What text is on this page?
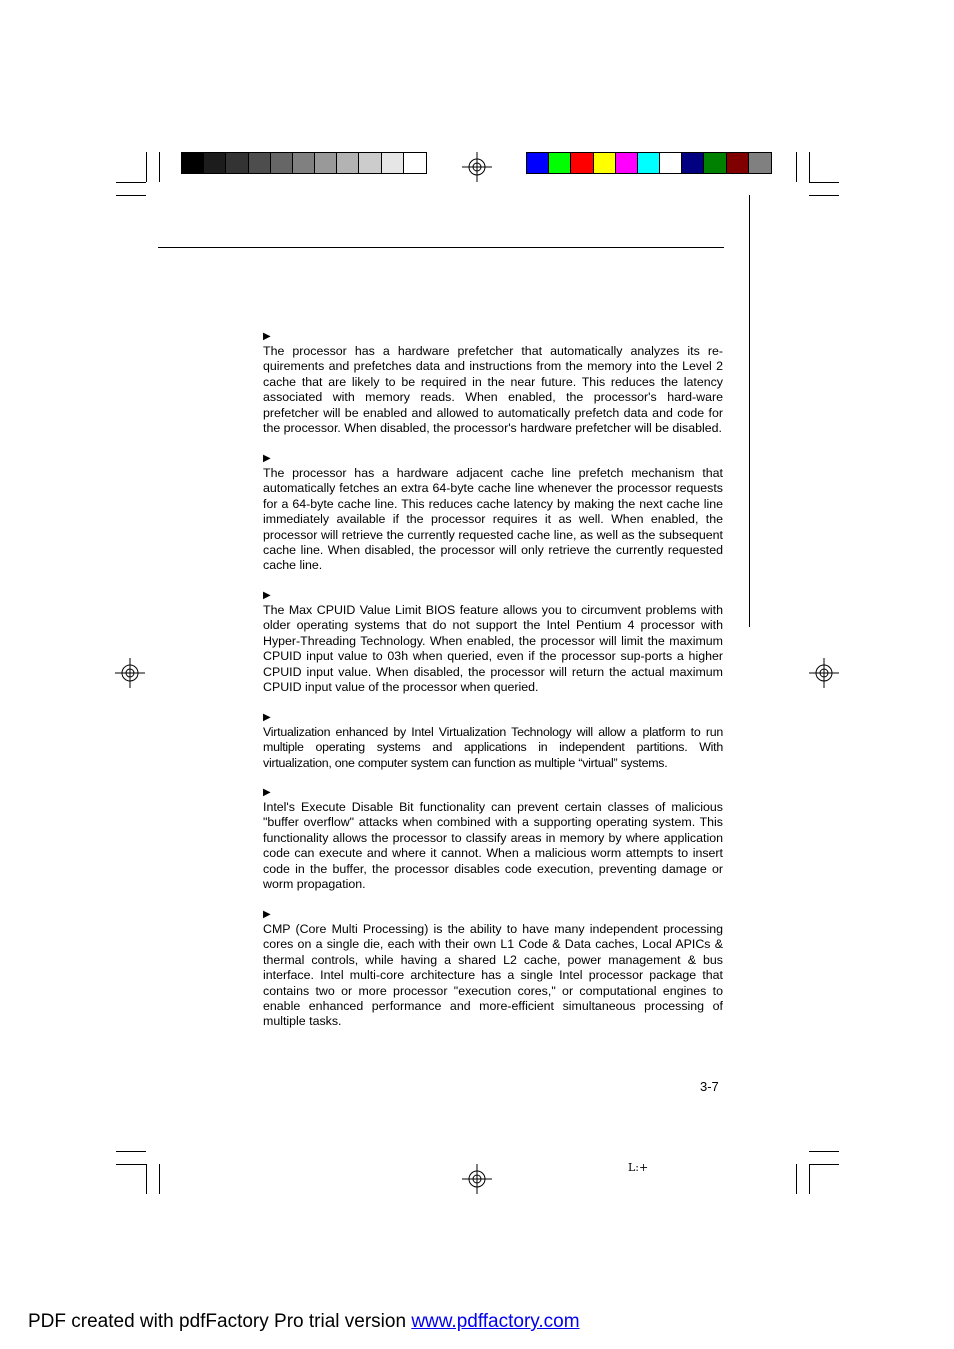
▶
The processor has a hardware prefetcher that automatically analyzes its re-quirements and prefetches data and instructions from the memory into the Level 2 cache that are likely to be required in the near future. This reduces the latency associated with memory reads. When enabled, the processor's hard-ware prefetcher will be enabled and allowed to automatically prefetch data and code for the processor. When disabled, the processor's hardware prefetcher will be disabled.
▶
The processor has a hardware adjacent cache line prefetch mechanism that automatically fetches an extra 64-byte cache line whenever the processor requests for a 64-byte cache line. This reduces cache latency by making the next cache line immediately available if the processor requires it as well. When enabled, the processor will retrieve the currently requested cache line, as well as the subsequent cache line. When disabled, the processor will only retrieve the currently requested cache line.
▶
The Max CPUID Value Limit BIOS feature allows you to circumvent problems with older operating systems that do not support the Intel Pentium 4 processor with Hyper-Threading Technology. When enabled, the processor will limit the maximum CPUID input value to 03h when queried, even if the processor sup-ports a higher CPUID input value. When disabled, the processor will return the actual maximum CPUID input value of the processor when queried.
▶
Virtualization enhanced by Intel Virtualization Technology will allow a platform to run multiple operating systems and applications in independent partitions. With virtualization, one computer system can function as multiple “virtual” systems.
▶
Intel's Execute Disable Bit functionality can prevent certain classes of malicious "buffer overflow" attacks when combined with a supporting operating system. This functionality allows the processor to classify areas in memory by where application code can execute and where it cannot. When a malicious worm attempts to insert code in the buffer, the processor disables code execution, preventing damage or worm propagation.
▶
CMP (Core Multi Processing) is the ability to have many independent processing cores on a single die, each with their own L1 Code & Data caches, Local APICs & thermal controls, while having a shared L2 cache, power management & bus interface. Intel multi-core architecture has a single Intel processor package that contains two or more processor "execution cores," or computational engines to enable enhanced performance and more-efficient simultaneous processing of multiple tasks.
3-7
L:+
PDF created with pdfFactory Pro trial version www.pdffactory.com
